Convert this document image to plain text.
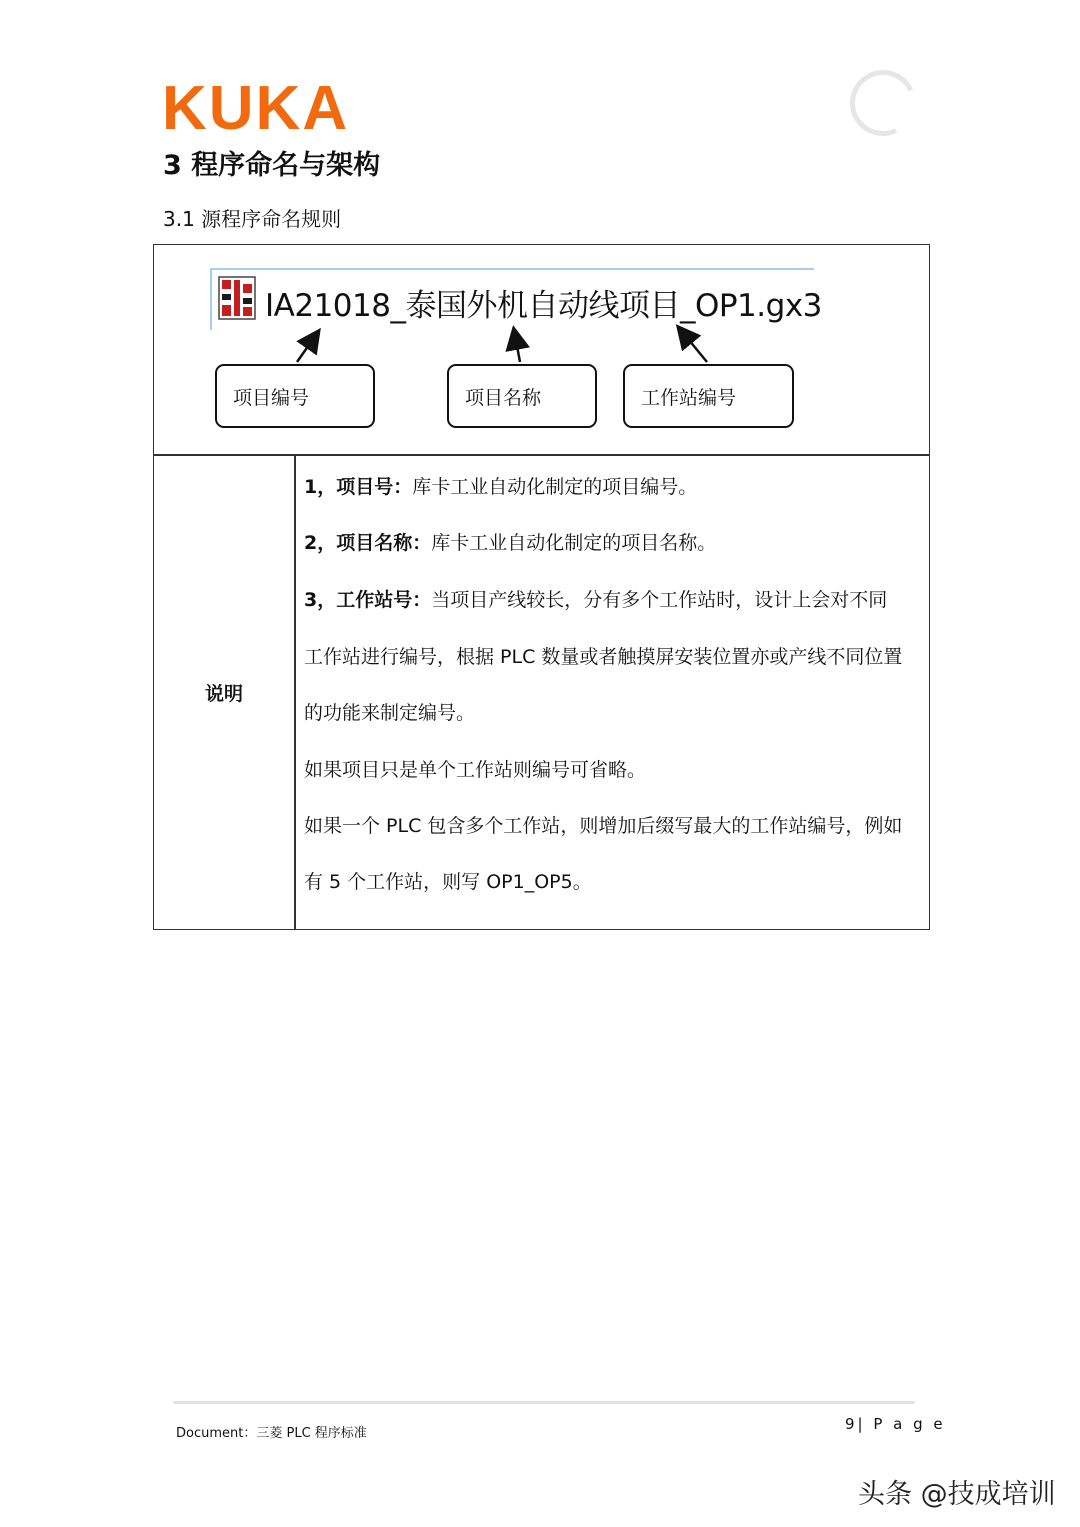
KUKA
3 程序命名与架构
3.1 源程序命名规则
IA21018_泰国外机自动线项目_OP1.gx3
项目编号	项目名称	工作站编号
说明
1，项目号：库卡工业自动化制定的项目编号。
2，项目名称：库卡工业自动化制定的项目名称。
3，工作站号：当项目产线较长，分有多个工作站时，设计上会对不同
工作站进行编号，根据 PLC 数量或者触摸屏安装位置亦或产线不同位置
的功能来制定编号。
如果项目只是单个工作站则编号可省略。
如果一个 PLC 包含多个工作站，则增加后缀写最大的工作站编号，例如
有 5 个工作站，则写 OP1_OP5。
Document：三菱 PLC 程序标准
9| P a g e
头条 @技成培训
